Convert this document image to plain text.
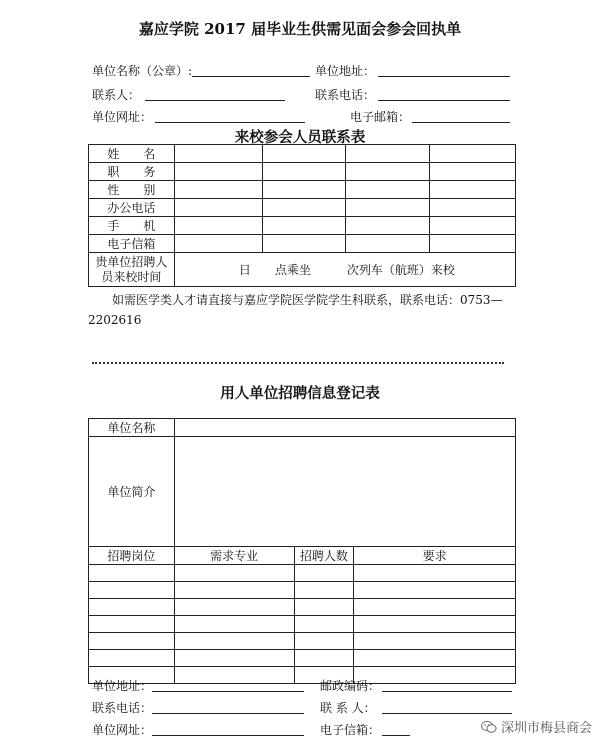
嘉应学院 2017 届毕业生供需见面会参会回执单
单位名称（公章）:	单位地址：
联系人：	联系电话：
单位网址：	电子邮箱：
来校参会人员联系表
姓　　名				
职　　务				
性　　别				
办公电话				
手　　机				
电子信箱				

贵单位招聘人
员来校时间	日　　点乘坐　　　次列车（航班）来校			
如需医学类人才请直接与嘉应学院医学院学生科联系，联系电话：0753—
2202616
用人单位招聘信息登记表
单位名称			
单位简介			
招聘岗位	需求专业	招聘人数	要求

单位地址：	邮政编码：
联系电话：	联 系 人：
单位网址：	电子信箱：	深圳市梅县商会
